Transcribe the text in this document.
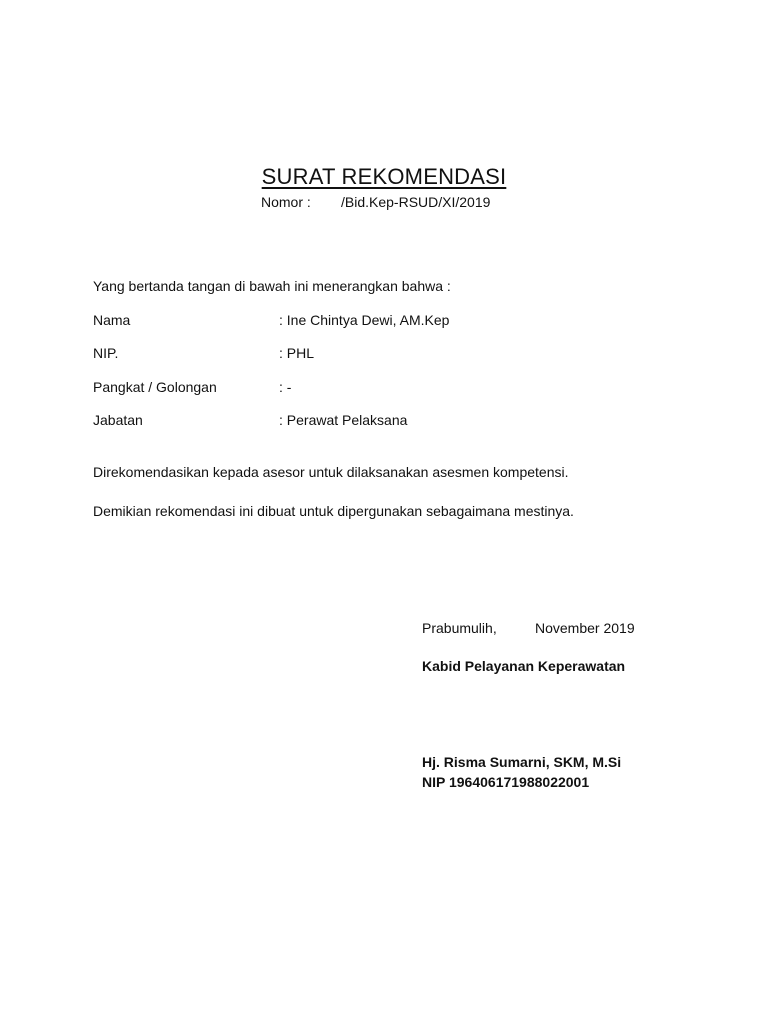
SURAT REKOMENDASI
Nomor : /Bid.Kep-RSUD/XI/2019
Yang bertanda tangan di bawah ini menerangkan bahwa :
Nama	: Ine Chintya Dewi, AM.Kep
NIP.	: PHL
Pangkat / Golongan	: -
Jabatan	: Perawat Pelaksana
Direkomendasikan kepada asesor untuk dilaksanakan asesmen kompetensi.
Demikian rekomendasi ini dibuat untuk dipergunakan sebagaimana mestinya.
Prabumulih,	November 2019
Kabid Pelayanan Keperawatan
Hj. Risma Sumarni, SKM, M.Si
NIP 196406171988022001
